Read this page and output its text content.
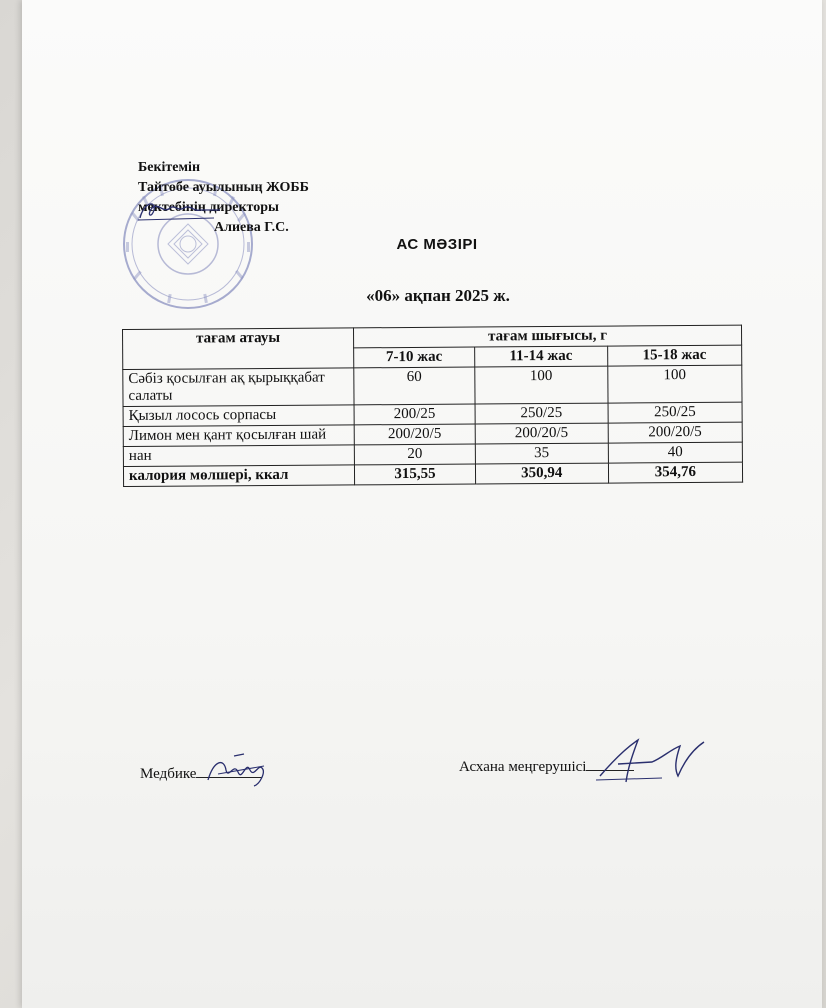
Бекітемін
Тайтөбе ауылының ЖОББ
мектебінің директоры
Алиева Г.С.
АС МӘЗІРІ
«06» ақпан 2025 ж.
тағам атауы	тағам шығысы, г		
	7-10 жас	11-14 жас	15-18 жас
Сәбіз қосылған ақ қырыққабат салаты	60	100	100
Қызыл лосось сорпасы	200/25	250/25	250/25
Лимон мен қант қосылған шай	200/20/5	200/20/5	200/20/5
нан	20	35	40
калория мөлшері, ккал	315,55	350,94	354,76
Медбике	Асхана меңгерушісі
